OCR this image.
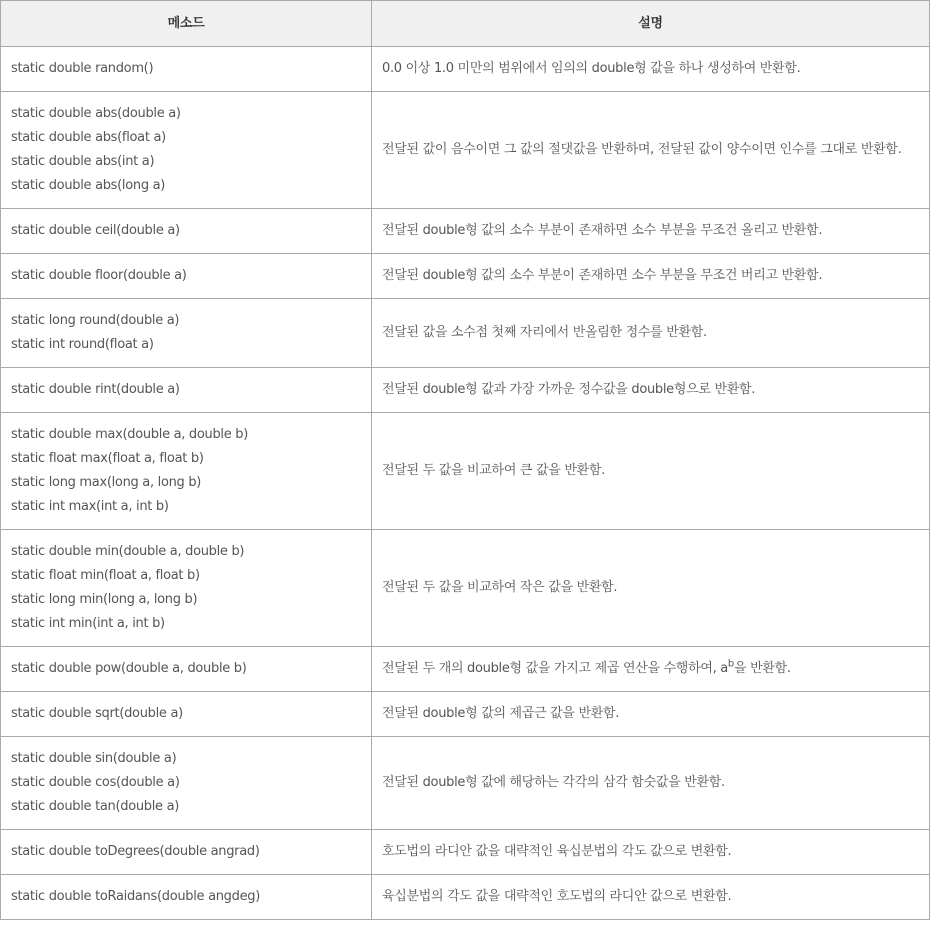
메소드	설명

static double random()	0.0 이상 1.0 미만의 범위에서 임의의 double형 값을 하나 생성하여 반환함.

static double abs(double a)
static double abs(float a)
static double abs(int a)
static double abs(long a)	전달된 값이 음수이면 그 값의 절댓값을 반환하며, 전달된 값이 양수이면 인수를 그대로 반환함.

static double ceil(double a)	전달된 double형 값의 소수 부분이 존재하면 소수 부분을 무조건 올리고 반환함.

static double floor(double a)	전달된 double형 값의 소수 부분이 존재하면 소수 부분을 무조건 버리고 반환함.

static long round(double a)
static int round(float a)	전달된 값을 소수점 첫째 자리에서 반올림한 정수를 반환함.

static double rint(double a)	전달된 double형 값과 가장 가까운 정수값을 double형으로 반환함.

static double max(double a, double b)
static float max(float a, float b)
static long max(long a, long b)
static int max(int a, int b)	전달된 두 값을 비교하여 큰 값을 반환함.

static double min(double a, double b)
static float min(float a, float b)
static long min(long a, long b)
static int min(int a, int b)	전달된 두 값을 비교하여 작은 값을 반환함.

static double pow(double a, double b)	전달된 두 개의 double형 값을 가지고 제곱 연산을 수행하여, $a^b$을 반환함.

static double sqrt(double a)	전달된 double형 값의 제곱근 값을 반환함.

static double sin(double a)
static double cos(double a)
static double tan(double a)	전달된 double형 값에 해당하는 각각의 삼각 함숫값을 반환함.

static double toDegrees(double angrad)	호도법의 라디안 값을 대략적인 육십분법의 각도 값으로 변환함.

static double toRaidans(double angdeg)	육십분법의 각도 값을 대략적인 호도법의 라디안 값으로 변환함.
